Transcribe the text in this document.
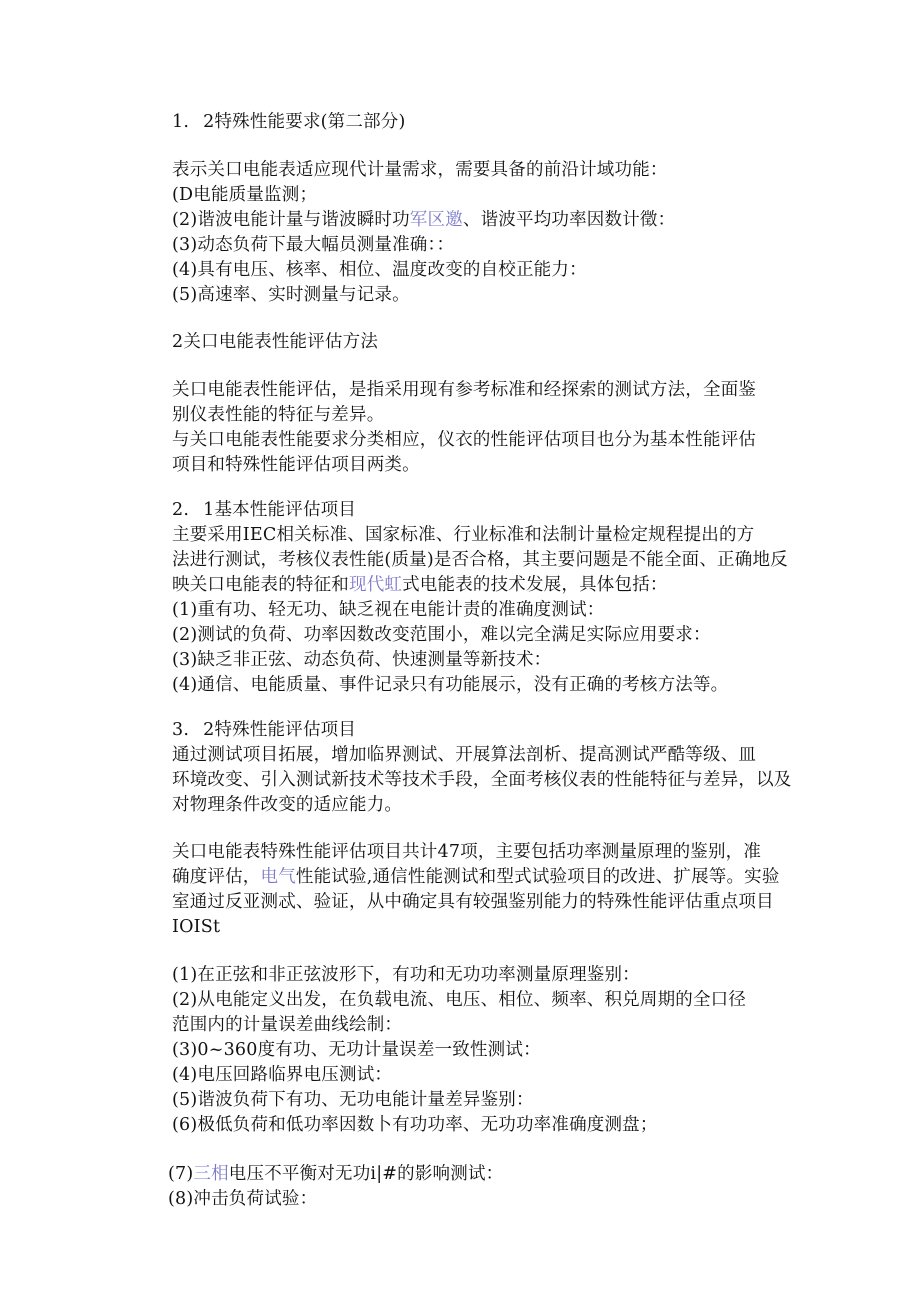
1. 2特殊性能要求(第二部分)
表示关口电能表适应现代计量需求，需要具备的前沿计域功能：
(D电能质量监测；
(2)谐波电能计量与谐波瞬时功军区邀、谐波平均功率因数计徵：
(3)动态负荷下最大幅员测量准确：：
(4)具有电压、核率、相位、温度改变的自校正能力：
(5)高速率、实时测量与记录。
2关口电能表性能评估方法
关口电能表性能评估，是指采用现有参考标准和经探索的测试方法，全面鉴
别仪表性能的特征与差异。
与关口电能表性能要求分类相应，仪衣的性能评估项目也分为基本性能评估
项目和特殊性能评估项目两类。
2. 1基本性能评估项目
主要采用IEC相关标准、国家标准、行业标准和法制计量检定规程提出的方
法进行测试，考核仪表性能(质量)是否合格，其主要问题是不能全面、正确地反
映关口电能表的特征和现代虹式电能表的技术发展，具体包括：
(1)重有功、轻无功、缺乏视在电能计责的准确度测试：
(2)测试的负荷、功率因数改变范围小，难以完全满足实际应用要求：
(3)缺乏非正弦、动态负荷、快速测量等新技术：
(4)通信、电能质量、事件记录只有功能展示，没有正确的考核方法等。
3. 2特殊性能评估项目
通过测试项目拓展，增加临界测试、开展算法剖析、提高测试严酷等级、皿
环境改变、引入测试新技术等技术手段，全面考核仪表的性能特征与差异，以及
对物理条件改变的适应能力。
关口电能表特殊性能评估项目共计47项，主要包括功率测量原理的鉴别，准
确度评估，电气性能试验,通信性能测试和型式试验项目的改进、扩展等。实验
室通过反亚测忒、验证，从中确定具有较强鉴别能力的特殊性能评估重点项目
IOISt
(1)在正弦和非正弦波形下，有功和无功功率测量原理鉴别：
(2)从电能定义出发，在负载电流、电压、相位、频率、积兑周期的全口径
范围内的计量误差曲线绘制：
(3)0~360度有功、无功计量误差一致性测试：
(4)电压回路临界电压测试：
(5)谐波负荷下有功、无功电能计量差异鉴别：
(6)极低负荷和低功率因数卜有功功率、无功功率准确度测盘；
(7)三相电压不平衡对无功i|#的影响测试：
(8)冲击负荷试验：
